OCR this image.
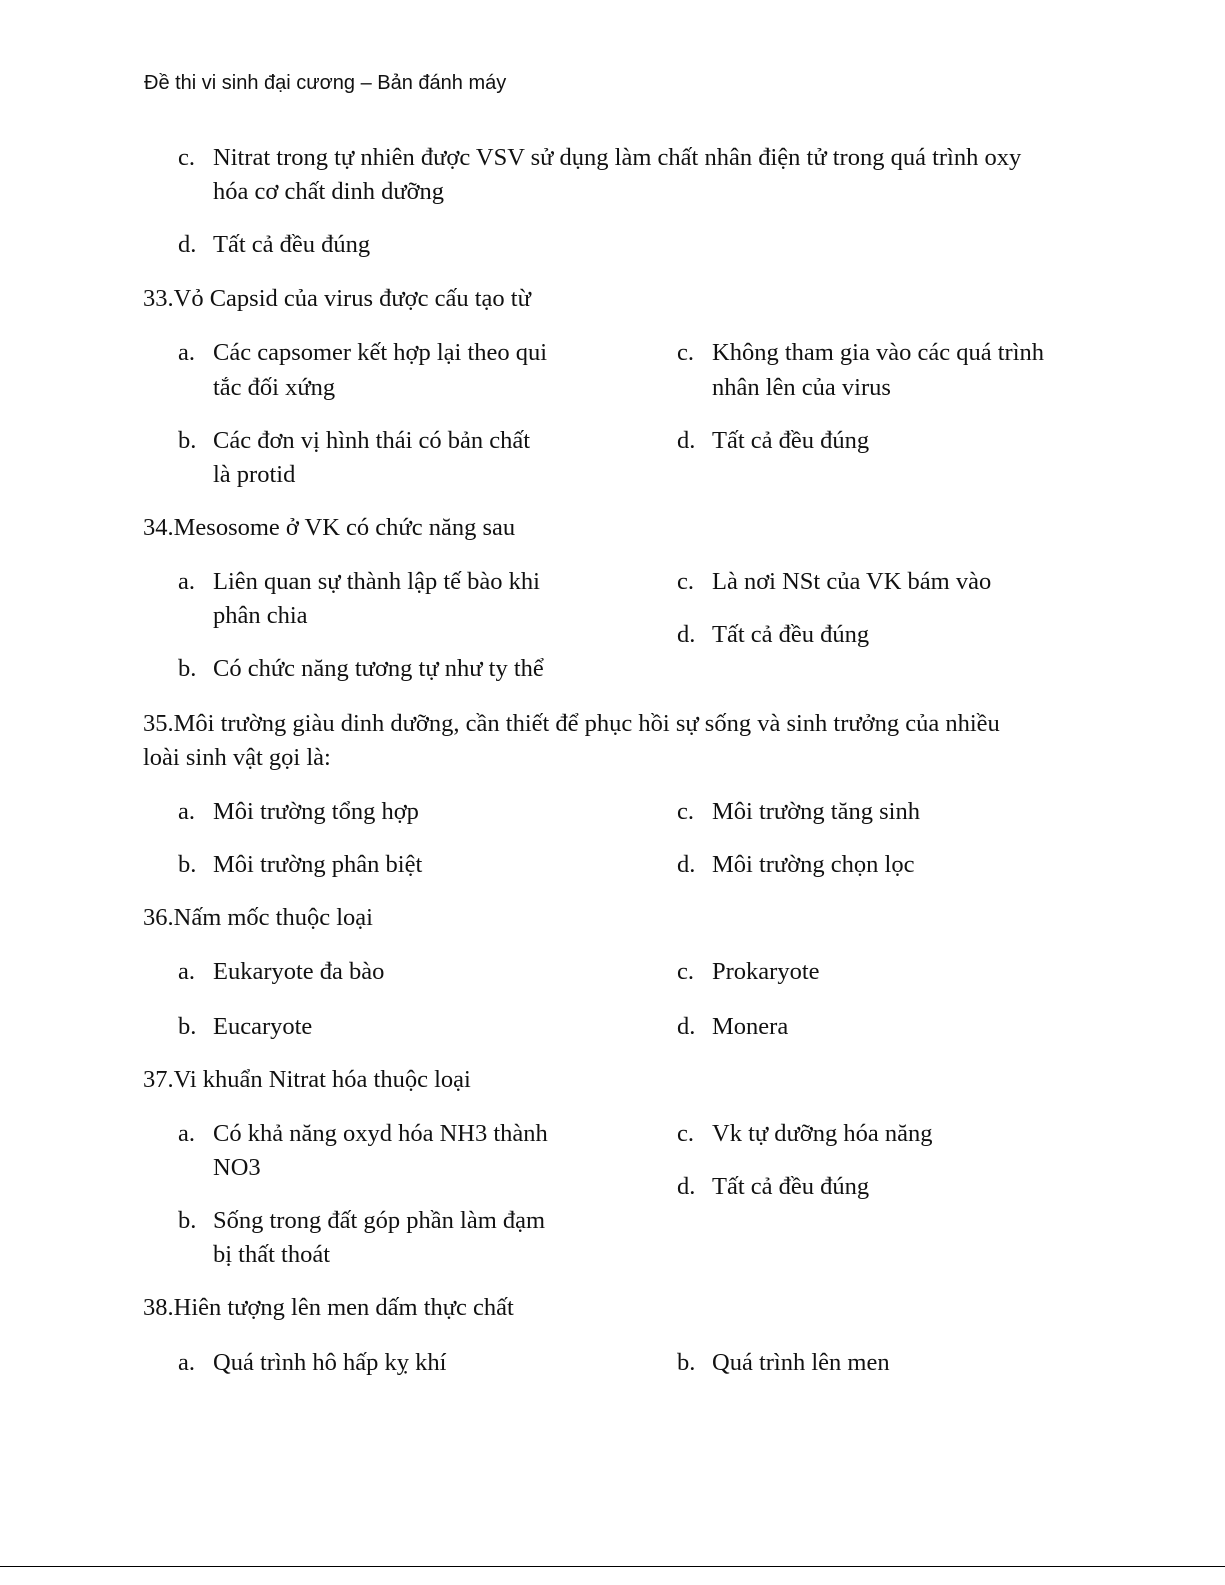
Đề thi vi sinh đại cương – Bản đánh máy
c. Nitrat trong tự nhiên được VSV sử dụng làm chất nhân điện tử trong quá trình oxy
hóa cơ chất dinh dưỡng
d. Tất cả đều đúng
33.Vỏ Capsid của virus được cấu tạo từ
a. Các capsomer kết hợp lại theo qui
tắc đối xứng
c. Không tham gia vào các quá trình
nhân lên của virus
b. Các đơn vị hình thái có bản chất
là protid
d. Tất cả đều đúng
34.Mesosome ở VK có chức năng sau
a. Liên quan sự thành lập tế bào khi
phân chia
c. Là nơi NSt của VK bám vào
d. Tất cả đều đúng
b. Có chức năng tương tự như ty thể
35.Môi trường giàu dinh dưỡng, cần thiết để phục hồi sự sống và sinh trưởng của nhiều
loài sinh vật gọi là:
a. Môi trường tổng hợp	c. Môi trường tăng sinh
b. Môi trường phân biệt	d. Môi trường chọn lọc
36.Nấm mốc thuộc loại
a. Eukaryote đa bào	c. Prokaryote
b. Eucaryote	d. Monera
37.Vi khuẩn Nitrat hóa thuộc loại
a. Có khả năng oxyd hóa NH3 thành
NO3
c. Vk tự dưỡng hóa năng
d. Tất cả đều đúng
b. Sống trong đất góp phần làm đạm
bị thất thoát
38.Hiên tượng lên men dấm thực chất
a. Quá trình hô hấp kỵ khí	b. Quá trình lên men
